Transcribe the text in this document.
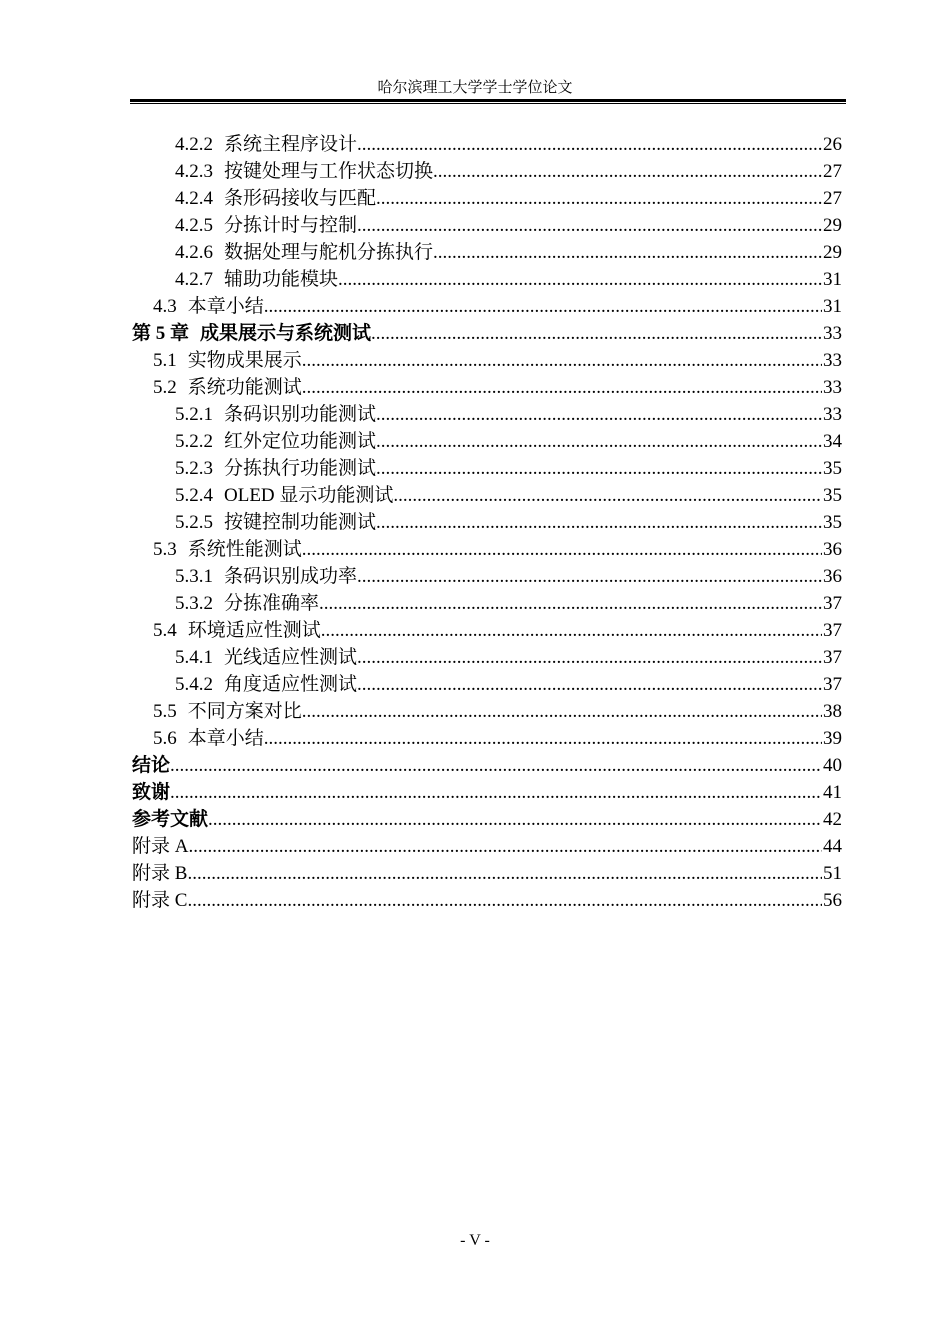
哈尔滨理工大学学士学位论文
4.2.2 系统主程序设计 .....	26
4.2.3 按键处理与工作状态切换 .....	27
4.2.4 条形码接收与匹配 .....	27
4.2.5 分拣计时与控制 .....	29
4.2.6 数据处理与舵机分拣执行 .....	29
4.2.7 辅助功能模块 .....	31
4.3 本章小结 .....	31
第 5 章 成果展示与系统测试 .....	33
5.1 实物成果展示 .....	33
5.2 系统功能测试 .....	33
5.2.1 条码识别功能测试 .....	33
5.2.2 红外定位功能测试 .....	34
5.2.3 分拣执行功能测试 .....	35
5.2.4 OLED 显示功能测试 .....	35
5.2.5 按键控制功能测试 .....	35
5.3 系统性能测试 .....	36
5.3.1 条码识别成功率 .....	36
5.3.2 分拣准确率 .....	37
5.4 环境适应性测试 .....	37
5.4.1 光线适应性测试 .....	37
5.4.2 角度适应性测试 .....	37
5.5 不同方案对比 .....	38
5.6 本章小结 .....	39
结论 .....	40
致谢 .....	41
参考文献 .....	42
附录 A .....	44
附录 B .....	51
附录 C .....	56
- V -
